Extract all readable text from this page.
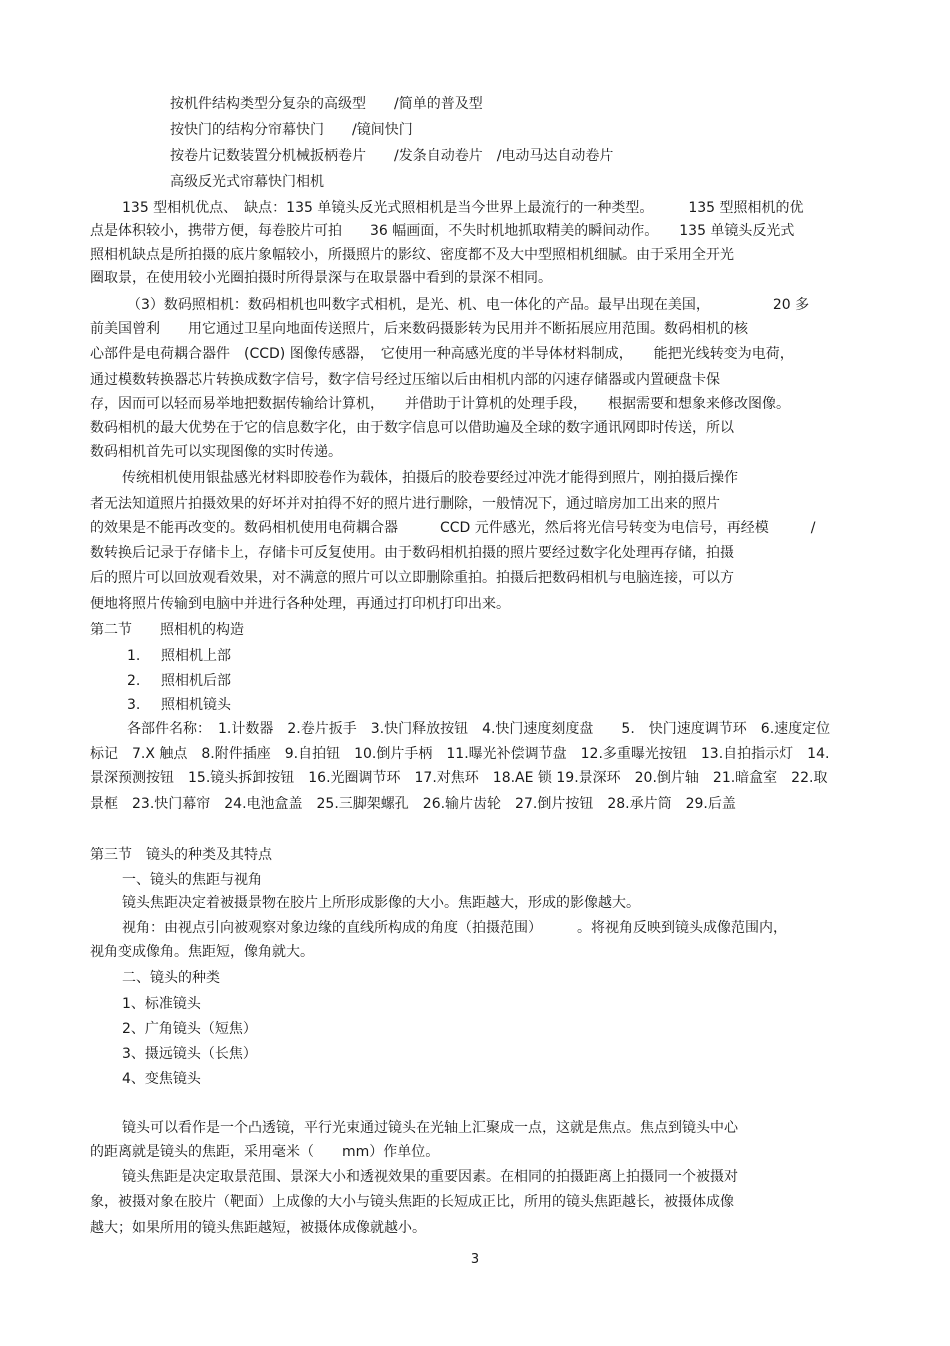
按机件结构类型分复杂的高级型　　/简单的普及型
按快门的结构分帘幕快门　　/镜间快门
按卷片记数装置分机械扳柄卷片　　/发条自动卷片　/电动马达自动卷片
高级反光式帘幕快门相机
135 型相机优点、　缺点：135 单镜头反光式照相机是当今世界上最流行的一种类型。　　　135 型照相机的优
点是体积较小，携带方便，每卷胶片可拍　　36 幅画面，不失时机地抓取精美的瞬间动作。　　135 单镜头反光式
照相机缺点是所拍摄的底片象幅较小，所摄照片的影纹、密度都不及大中型照相机细腻。由于采用全开光
圈取景，在使用较小光圈拍摄时所得景深与在取景器中看到的景深不相同。
（3）数码照相机：数码相机也叫数字式相机，是光、机、电一体化的产品。最早出现在美国，　　　　　20 多
前美国曾利　　用它通过卫星向地面传送照片，后来数码摄影转为民用并不断拓展应用范围。数码相机的核
心部件是电荷耦合器件　(CCD) 图像传感器，　它使用一种高感光度的半导体材料制成，　　能把光线转变为电荷，
通过模数转换器芯片转换成数字信号，数字信号经过压缩以后由相机内部的闪速存储器或内置硬盘卡保
存，因而可以轻而易举地把数据传输给计算机，　　并借助于计算机的处理手段，　　根据需要和想象来修改图像。
数码相机的最大优势在于它的信息数字化，由于数字信息可以借助遍及全球的数字通讯网即时传送，所以
数码相机首先可以实现图像的实时传递。
传统相机使用银盐感光材料即胶卷作为载体，拍摄后的胶卷要经过冲洗才能得到照片，刚拍摄后操作
者无法知道照片拍摄效果的好坏并对拍得不好的照片进行删除，一般情况下，通过暗房加工出来的照片
的效果是不能再改变的。数码相机使用电荷耦合器　　　CCD 元件感光，然后将光信号转变为电信号，再经模　　　/
数转换后记录于存储卡上，存储卡可反复使用。由于数码相机拍摄的照片要经过数字化处理再存储，拍摄
后的照片可以回放观看效果，对不满意的照片可以立即删除重拍。拍摄后把数码相机与电脑连接，可以方
便地将照片传输到电脑中并进行各种处理，再通过打印机打印出来。
第二节　　照相机的构造
1. 照相机上部
2. 照相机后部
3. 照相机镜头
各部件名称：　1.计数器　2.卷片扳手　3.快门释放按钮　4.快门速度刻度盘　　5.　快门速度调节环　6.速度定位
标记　7.X 触点　8.附件插座　9.自拍钮　10.倒片手柄　11.曝光补偿调节盘　12.多重曝光按钮　13.自拍指示灯　14.
景深预测按钮　15.镜头拆卸按钮　16.光圈调节环　17.对焦环　18.AE 锁 19.景深环　20.倒片轴　21.暗盒室　22.取
景框　23.快门幕帘　24.电池盒盖　25.三脚架螺孔　26.输片齿轮　27.倒片按钮　28.承片筒　29.后盖
第三节　镜头的种类及其特点
一、镜头的焦距与视角
镜头焦距决定着被摄景物在胶片上所形成影像的大小。焦距越大，形成的影像越大。
视角：由视点引向被观察对象边缘的直线所构成的角度（拍摄范围）　　　。将视角反映到镜头成像范围内，
视角变成像角。焦距短，像角就大。
二、镜头的种类
1、标准镜头
2、广角镜头（短焦）
3、摄远镜头（长焦）
4、变焦镜头
镜头可以看作是一个凸透镜，平行光束通过镜头在光轴上汇聚成一点，这就是焦点。焦点到镜头中心
的距离就是镜头的焦距，采用毫米（　　mm）作单位。
镜头焦距是决定取景范围、景深大小和透视效果的重要因素。在相同的拍摄距离上拍摄同一个被摄对
象，被摄对象在胶片（靶面）上成像的大小与镜头焦距的长短成正比，所用的镜头焦距越长，被摄体成像
越大；如果所用的镜头焦距越短，被摄体成像就越小。
3
